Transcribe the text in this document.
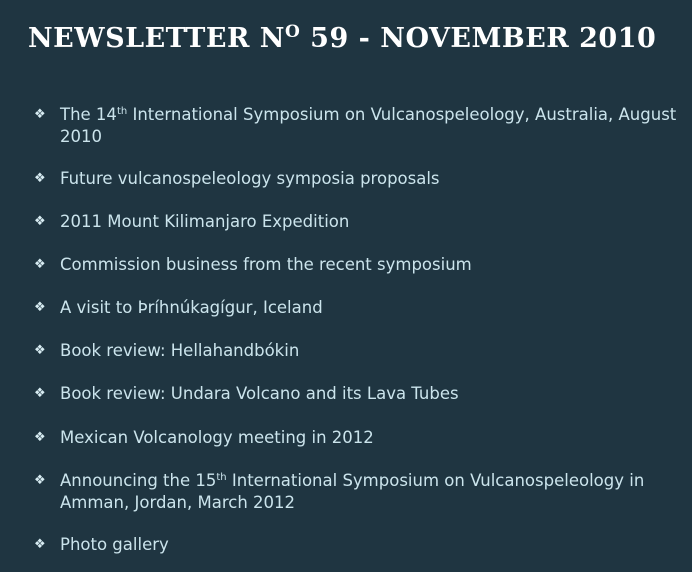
NEWSLETTER $N^O$ 59 - NOVEMBER 2010
❖ The 14th International Symposium on Vulcanospeleology, Australia, August 2010
❖ Future vulcanospeleology symposia proposals
❖ 2011 Mount Kilimanjaro Expedition
❖ Commission business from the recent symposium
❖ A visit to Þríhnúkagígur, Iceland
❖ Book review: Hellahandbókin
❖ Book review: Undara Volcano and its Lava Tubes
❖ Mexican Volcanology meeting in 2012
❖ Announcing the 15th International Symposium on Vulcanospeleology in Amman, Jordan, March 2012
❖ Photo gallery
